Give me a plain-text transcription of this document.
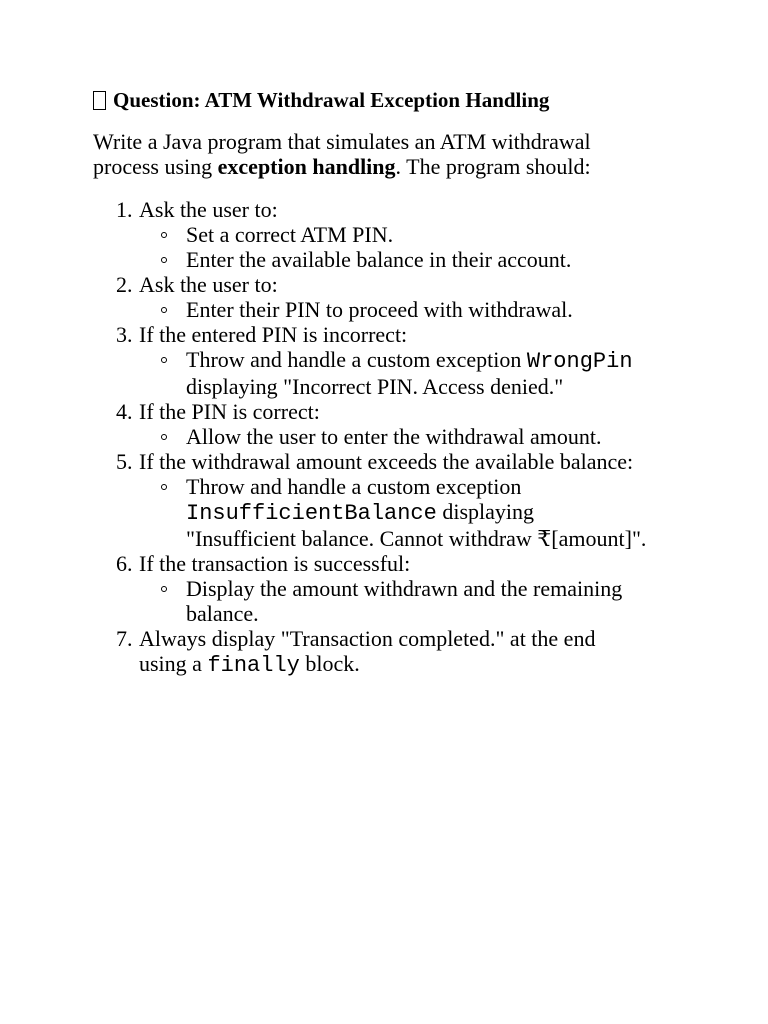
Question: ATM Withdrawal Exception Handling

Write a Java program that simulates an ATM withdrawal process using exception handling. The program should:

1. Ask the user to:
Set a correct ATM PIN.
Enter the available balance in their account.
2. Ask the user to:
Enter their PIN to proceed with withdrawal.
3. If the entered PIN is incorrect:
Throw and handle a custom exception WrongPin
displaying "Incorrect PIN. Access denied."
4. If the PIN is correct:
Allow the user to enter the withdrawal amount.
5. If the withdrawal amount exceeds the available balance:
Throw and handle a custom exception
InsufficientBalance displaying
"Insufficient balance. Cannot withdraw ₹[amount]".
6. If the transaction is successful:
Display the amount withdrawn and the remaining balance.
7. Always display "Transaction completed." at the end
using a finally block.
